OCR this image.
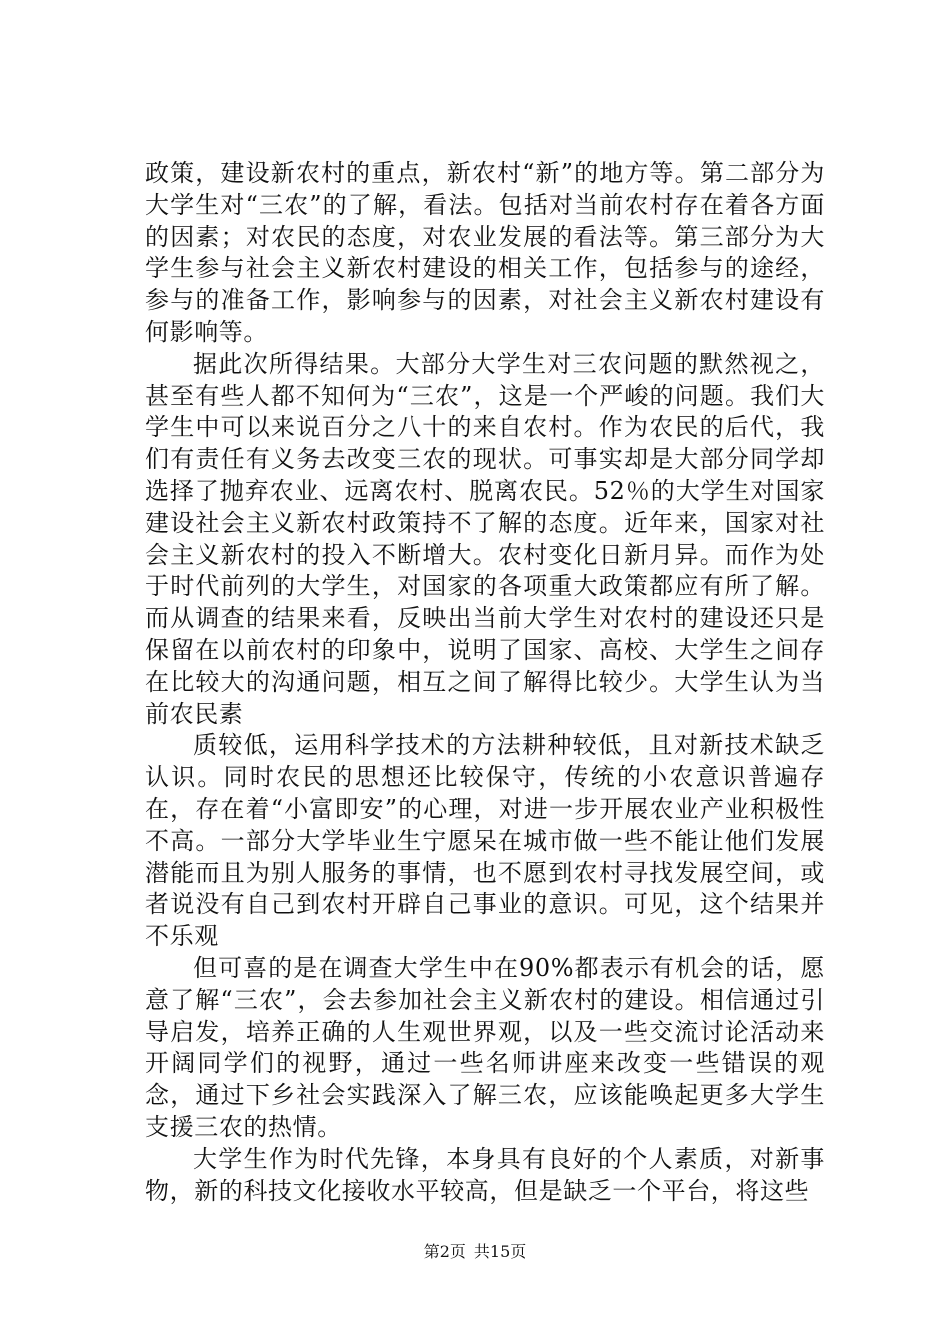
政策，建设新农村的重点，新农村“新”的地方等。第二部分为大学生对“三农”的了解，看法。包括对当前农村存在着各方面的因素；对农民的态度，对农业发展的看法等。第三部分为大学生参与社会主义新农村建设的相关工作，包括参与的途经，参与的准备工作，影响参与的因素，对社会主义新农村建设有何影响等。

据此次所得结果。大部分大学生对三农问题的默然视之，甚至有些人都不知何为“三农”，这是一个严峻的问题。我们大学生中可以来说百分之八十的来自农村。作为农民的后代，我们有责任有义务去改变三农的现状。可事实却是大部分同学却选择了抛弃农业、远离农村、脱离农民。52％的大学生对国家建设社会主义新农村政策持不了解的态度。近年来，国家对社会主义新农村的投入不断增大。农村变化日新月异。而作为处于时代前列的大学生，对国家的各项重大政策都应有所了解。而从调查的结果来看，反映出当前大学生对农村的建设还只是保留在以前农村的印象中，说明了国家、高校、大学生之间存在比较大的沟通问题，相互之间了解得比较少。大学生认为当前农民素

质较低，运用科学技术的方法耕种较低，且对新技术缺乏认识。同时农民的思想还比较保守，传统的小农意识普遍存在，存在着“小富即安”的心理，对进一步开展农业产业积极性不高。一部分大学毕业生宁愿呆在城市做一些不能让他们发展潜能而且为别人服务的事情，也不愿到农村寻找发展空间，或者说没有自己到农村开辟自己事业的意识。可见，这个结果并不乐观

但可喜的是在调查大学生中在90%都表示有机会的话，愿意了解“三农”，会去参加社会主义新农村的建设。相信通过引导启发，培养正确的人生观世界观，以及一些交流讨论活动来开阔同学们的视野，通过一些名师讲座来改变一些错误的观念，通过下乡社会实践深入了解三农，应该能唤起更多大学生支援三农的热情。

大学生作为时代先锋，本身具有良好的个人素质，对新事物，新的科技文化接收水平较高，但是缺乏一个平台，将这些

第2页 共15页
